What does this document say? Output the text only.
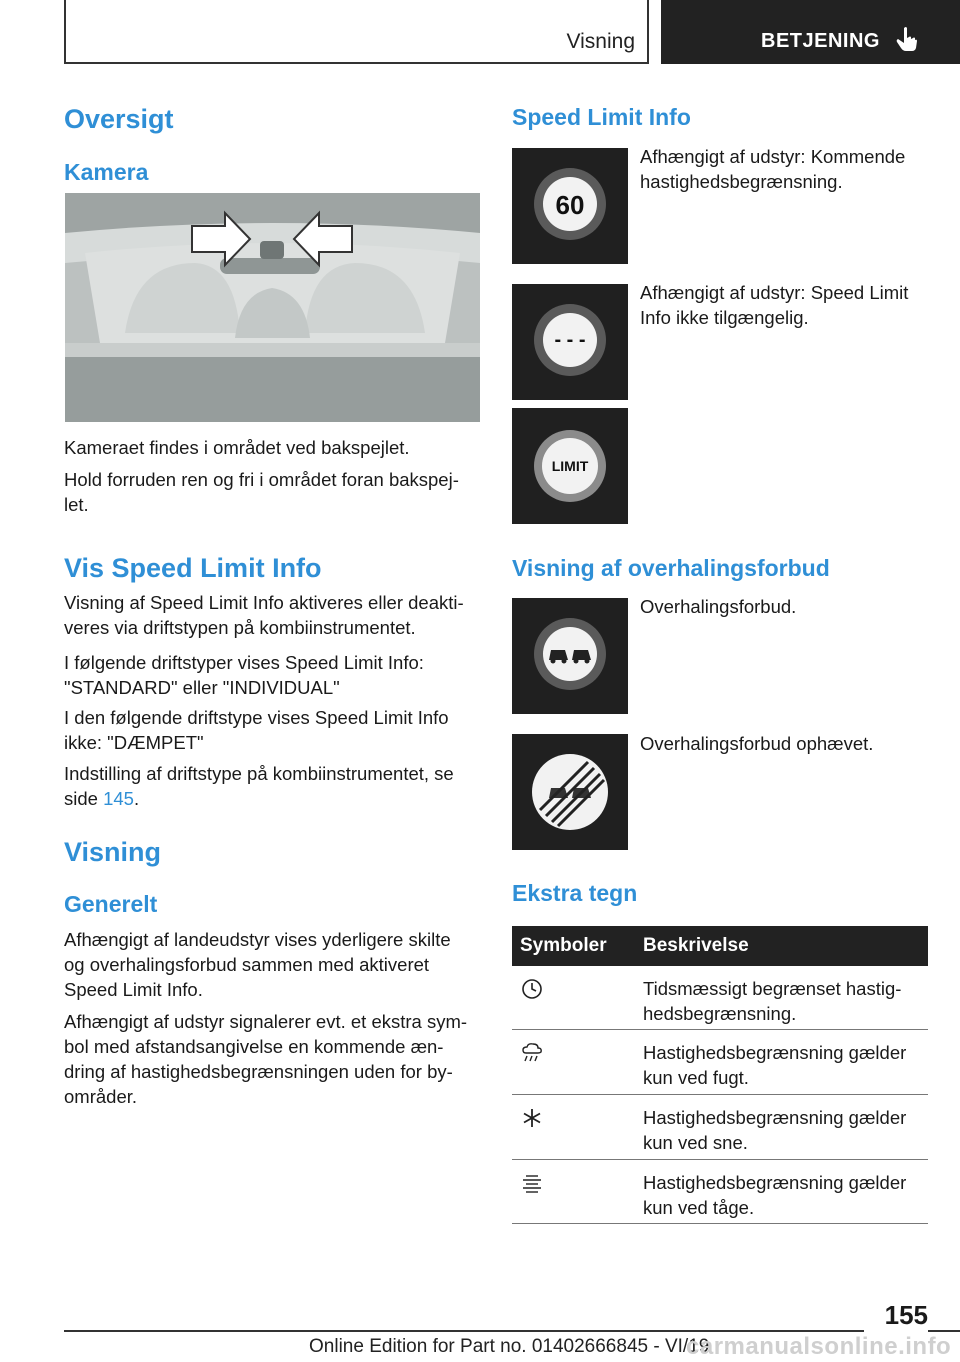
Visning	BETJENING
Oversigt
Kamera
Kameraet findes i området ved bakspejlet.
Hold forruden ren og fri i området foran bakspej-
let.
Vis Speed Limit Info
Visning af Speed Limit Info aktiveres eller deakti-
veres via driftstypen på kombiinstrumentet.
I følgende driftstyper vises Speed Limit Info:
"STANDARD" eller "INDIVIDUAL"
I den følgende driftstype vises Speed Limit Info
ikke: "DÆMPET"
Indstilling af driftstype på kombiinstrumentet, se
side 145.
Visning
Generelt
Afhængigt af landeudstyr vises yderligere skilte
og overhalingsforbud sammen med aktiveret
Speed Limit Info.
Afhængigt af udstyr signalerer evt. et ekstra sym-
bol med afstandsangivelse en kommende æn-
dring af hastighedsbegrænsningen uden for by-
områder.
Speed Limit Info
60
Afhængigt af udstyr: Kommende
hastighedsbegrænsning.
- - -
Afhængigt af udstyr: Speed Limit
Info ikke tilgængelig.
LIMIT
Visning af overhalingsforbud
Overhalingsforbud.
Overhalingsforbud ophævet.
Ekstra tegn
Symboler Beskrivelse
Tidsmæssigt begrænset hastig-
hedsbegrænsning.
Hastighedsbegrænsning gælder
kun ved fugt.
Hastighedsbegrænsning gælder
kun ved sne.
Hastighedsbegrænsning gælder
kun ved tåge.
155
Online Edition for Part no. 01402666845 - VI/19
carmanualsonline.info
